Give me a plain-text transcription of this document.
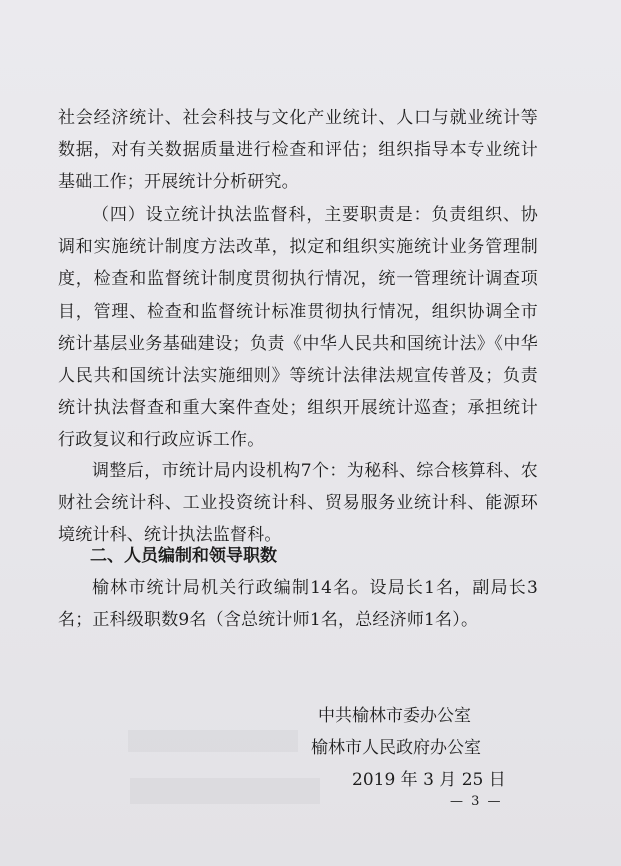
社会经济统计、社会科技与文化产业统计、人口与就业统计等数据，对有关数据质量进行检查和评估；组织指导本专业统计基础工作；开展统计分析研究。

（四）设立统计执法监督科，主要职责是：负责组织、协调和实施统计制度方法改革，拟定和组织实施统计业务管理制度，检查和监督统计制度贯彻执行情况，统一管理统计调查项目，管理、检查和监督统计标准贯彻执行情况，组织协调全市统计基层业务基础建设；负责《中华人民共和国统计法》《中华人民共和国统计法实施细则》等统计法律法规宣传普及；负责统计执法督查和重大案件查处；组织开展统计巡查；承担统计行政复议和行政应诉工作。

调整后，市统计局内设机构7个：为秘科、综合核算科、农财社会统计科、工业投资统计科、贸易服务业统计科、能源环境统计科、统计执法监督科。

二、人员编制和领导职数

榆林市统计局机关行政编制14名。设局长1名，副局长3名；正科级职数9名（含总统计师1名，总经济师1名）。

中共榆林市委办公室

榆林市人民政府办公室

2019 年 3 月 25 日

— 3 —
